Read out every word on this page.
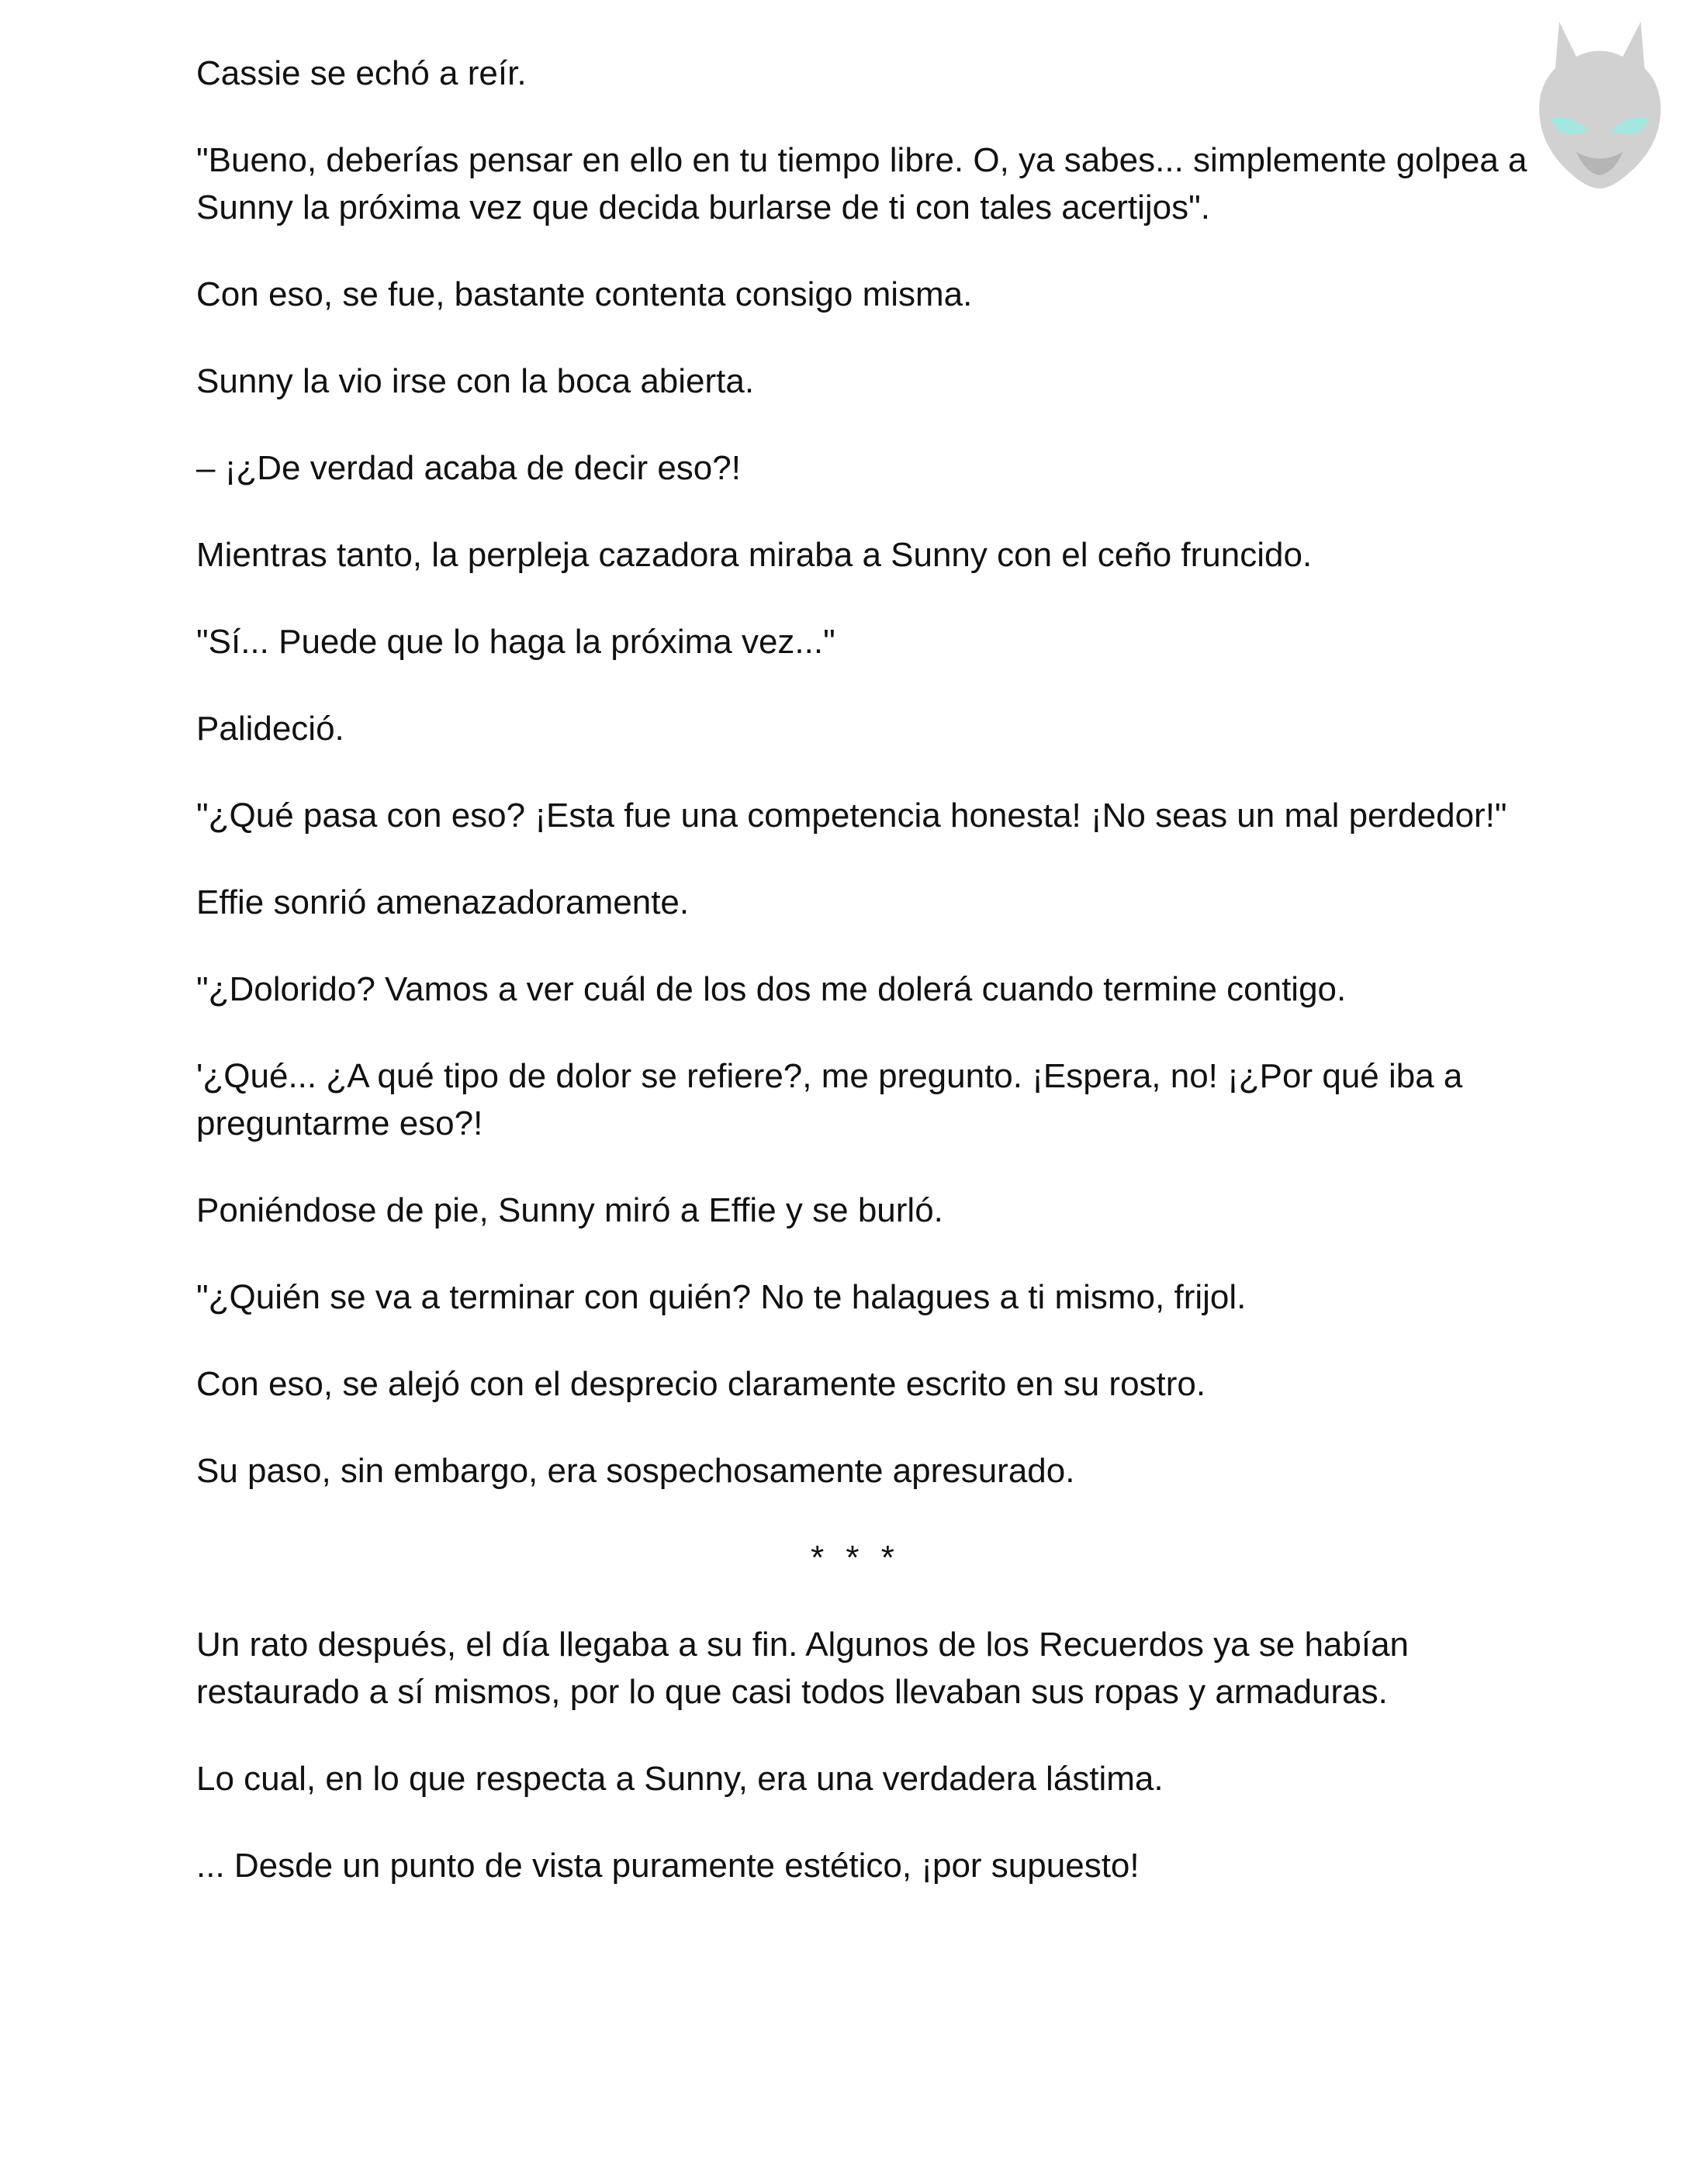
Cassie se echó a reír.

"Bueno, deberías pensar en ello en tu tiempo libre. O, ya sabes... simplemente golpea a Sunny la próxima vez que decida burlarse de ti con tales acertijos".

Con eso, se fue, bastante contenta consigo misma.

Sunny la vio irse con la boca abierta.

– ¡¿De verdad acaba de decir eso?!

Mientras tanto, la perpleja cazadora miraba a Sunny con el ceño fruncido.

"Sí... Puede que lo haga la próxima vez..."

Palideció.

"¿Qué pasa con eso? ¡Esta fue una competencia honesta! ¡No seas un mal perdedor!"

Effie sonrió amenazadoramente.

"¿Dolorido? Vamos a ver cuál de los dos me dolerá cuando termine contigo.

'¿Qué... ¿A qué tipo de dolor se refiere?, me pregunto. ¡Espera, no! ¡¿Por qué iba a preguntarme eso?!

Poniéndose de pie, Sunny miró a Effie y se burló.

"¿Quién se va a terminar con quién? No te halagues a ti mismo, frijol.

Con eso, se alejó con el desprecio claramente escrito en su rostro.

Su paso, sin embargo, era sospechosamente apresurado.

* * *

Un rato después, el día llegaba a su fin. Algunos de los Recuerdos ya se habían restaurado a sí mismos, por lo que casi todos llevaban sus ropas y armaduras.

Lo cual, en lo que respecta a Sunny, era una verdadera lástima.

... Desde un punto de vista puramente estético, ¡por supuesto!
